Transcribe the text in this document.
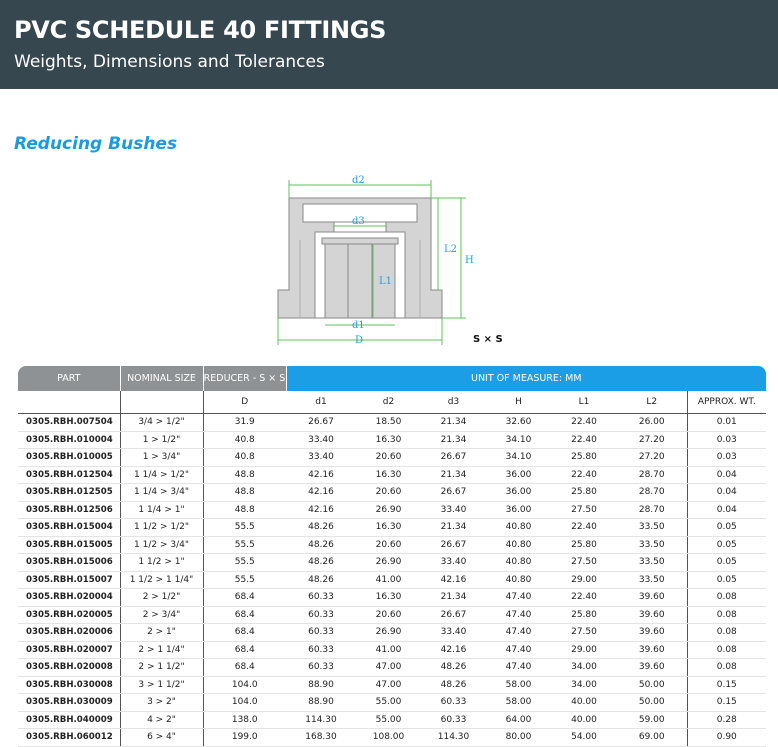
PVC SCHEDULE 40 FITTINGS
Weights, Dimensions and Tolerances
Reducing Bushes
d2
d3
L1
L2
H
d1
D	S × S
PART	NOMINAL SIZE	REDUCER - S × S	UNIT OF MEASURE: MM						
		D	d1	d2	d3	H	L1	L2	APPROX. WT.
0305.RBH.007504	3/4 > 1/2"	31.9	26.67	18.50	21.34	32.60	22.40	26.00	0.01
0305.RBH.010004	1 > 1/2"	40.8	33.40	16.30	21.34	34.10	22.40	27.20	0.03
0305.RBH.010005	1 > 3/4"	40.8	33.40	20.60	26.67	34.10	25.80	27.20	0.03
0305.RBH.012504	1 1/4 > 1/2"	48.8	42.16	16.30	21.34	36.00	22.40	28.70	0.04
0305.RBH.012505	1 1/4 > 3/4"	48.8	42.16	20.60	26.67	36.00	25.80	28.70	0.04
0305.RBH.012506	1 1/4 > 1"	48.8	42.16	26.90	33.40	36.00	27.50	28.70	0.04
0305.RBH.015004	1 1/2 > 1/2"	55.5	48.26	16.30	21.34	40.80	22.40	33.50	0.05
0305.RBH.015005	1 1/2 > 3/4"	55.5	48.26	20.60	26.67	40.80	25.80	33.50	0.05
0305.RBH.015006	1 1/2 > 1"	55.5	48.26	26.90	33.40	40.80	27.50	33.50	0.05
0305.RBH.015007	1 1/2 > 1 1/4"	55.5	48.26	41.00	42.16	40.80	29.00	33.50	0.05
0305.RBH.020004	2 > 1/2"	68.4	60.33	16.30	21.34	47.40	22.40	39.60	0.08
0305.RBH.020005	2 > 3/4"	68.4	60.33	20.60	26.67	47.40	25.80	39.60	0.08
0305.RBH.020006	2 > 1"	68.4	60.33	26.90	33.40	47.40	27.50	39.60	0.08
0305.RBH.020007	2 > 1 1/4"	68.4	60.33	41.00	42.16	47.40	29.00	39.60	0.08
0305.RBH.020008	2 > 1 1/2"	68.4	60.33	47.00	48.26	47.40	34.00	39.60	0.08
0305.RBH.030008	3 > 1 1/2"	104.0	88.90	47.00	48.26	58.00	34.00	50.00	0.15
0305.RBH.030009	3 > 2"	104.0	88.90	55.00	60.33	58.00	40.00	50.00	0.15
0305.RBH.040009	4 > 2"	138.0	114.30	55.00	60.33	64.00	40.00	59.00	0.28
0305.RBH.060012	6 > 4"	199.0	168.30	108.00	114.30	80.00	54.00	69.00	0.90
